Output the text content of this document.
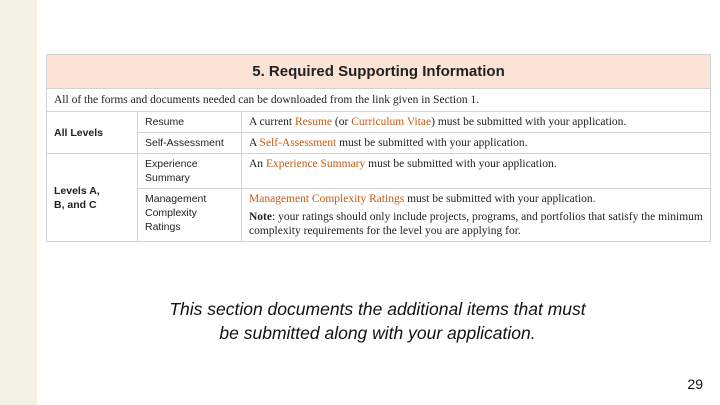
5. Required Supporting Information
All of the forms and documents needed can be downloaded from the link given in Section 1.
All Levels
Resume	A current Resume (or Curriculum Vitae) must be submitted with your application.
Self-Assessment	A Self-Assessment must be submitted with your application.
Levels A,
B, and C
Experience
Summary
An Experience Summary must be submitted with your application.
Management
Complexity
Ratings
Management Complexity Ratings must be submitted with your application.
Note: your ratings should only include projects, programs, and portfolios that satisfy the minimum complexity requirements for the level you are applying for.
This section documents the additional items that must
be submitted along with your application.
29
